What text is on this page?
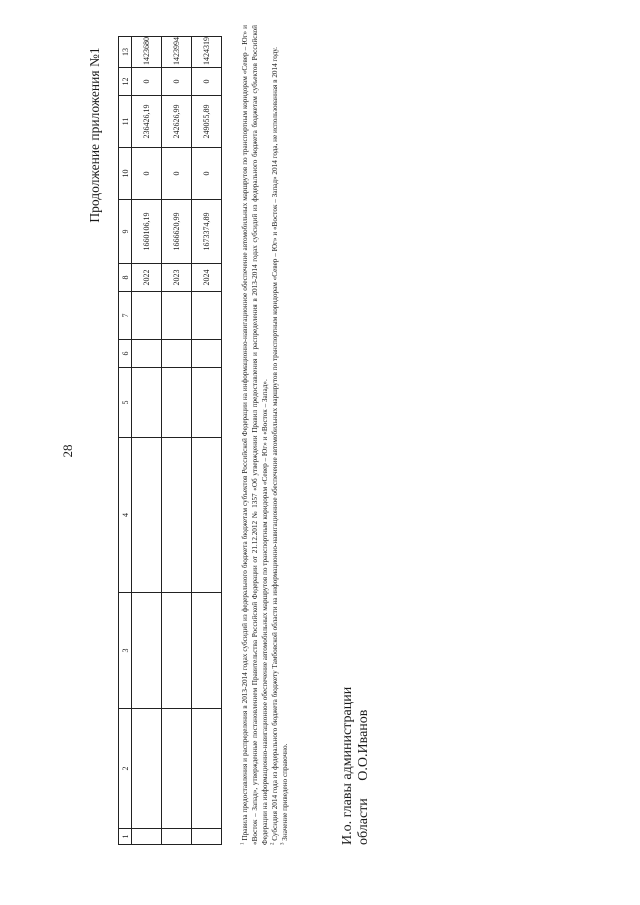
28
Продолжение приложения №1
1	2	3	4	5	6	7	8	9	10	11	12	13
							2022	1660106,19	0	236426,19	0	1423680
							2023	1666620,99	0	242626,99	0	1423994
							2024	1673374,89	0	249055,89	0	1424319

$^1$ Правила предоставления и распределения в 2013-2014 годах субсидий из федерального бюджета бюджетам субъектов Российской Федерации на информационно-навигационное обеспечение автомобильных маршрутов по транспортным коридорам «Север – Юг» и «Восток – Запад», утвержденные постановлением Правительства Российской Федерации от 21.12.2012 № 1357 «Об утверждении Правил предоставления и распределения в 2013-2014 годах субсидий из федерального бюджета бюджетам субъектов Российской Федерации на информационно-навигационное обеспечение автомобильных маршрутов по транспортным коридорам «Север – Юг» и «Восток – Запад». $^2$ Субсидия 2014 года из федерального бюджета бюджету Тамбовской области на информационно-навигационное обеспечение автомобильных маршрутов по транспортным коридорам «Север – Юг» и «Восток – Запад» 2014 года, не использованная в 2014 году.

$^3$ Значение приведено справочно.	И.о. главы администрации области О.О.Иванов
